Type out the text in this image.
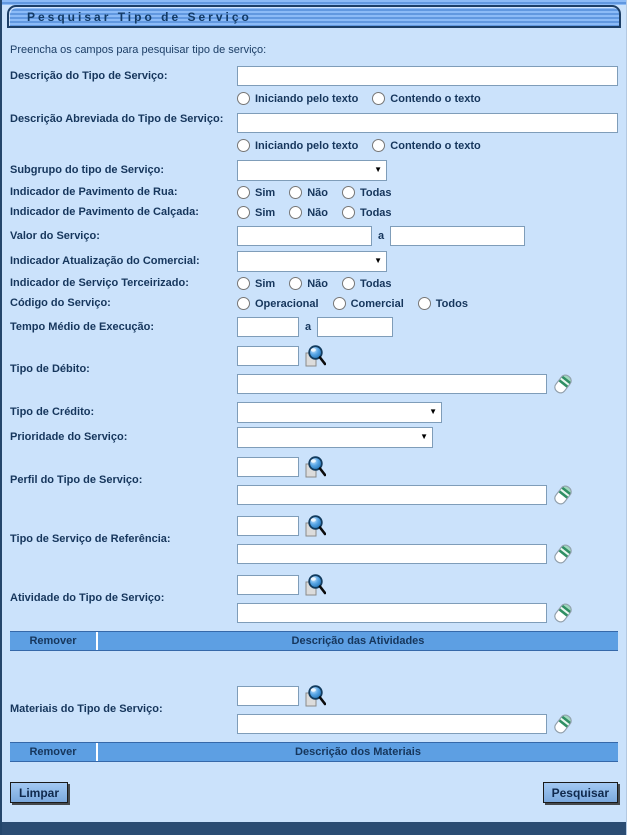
Pesquisar Tipo de Serviço
Preencha os campos para pesquisar tipo de serviço:
Descrição do Tipo de Serviço:
Iniciando pelo texto	Contendo o texto
Descrição Abreviada do Tipo de Serviço:
Iniciando pelo texto	Contendo o texto
Subgrupo do tipo de Serviço:	▼
Indicador de Pavimento de Rua:	Sim	Não	Todas
Indicador de Pavimento de Calçada:	Sim	Não	Todas
Valor do Serviço:	a
Indicador Atualização do Comercial:	▼
Indicador de Serviço Terceirizado:	Sim	Não	Todas
Código do Serviço:	Operacional	Comercial	Todos
Tempo Médio de Execução:	a
Tipo de Débito:
Tipo de Crédito:	▼
Prioridade do Serviço:	▼
Perfil do Tipo de Serviço:
Tipo de Serviço de Referência:
Atividade do Tipo de Serviço:
Remover	Descrição das Atividades
Materiais do Tipo de Serviço:
Remover	Descrição dos Materiais
Limpar	Pesquisar
